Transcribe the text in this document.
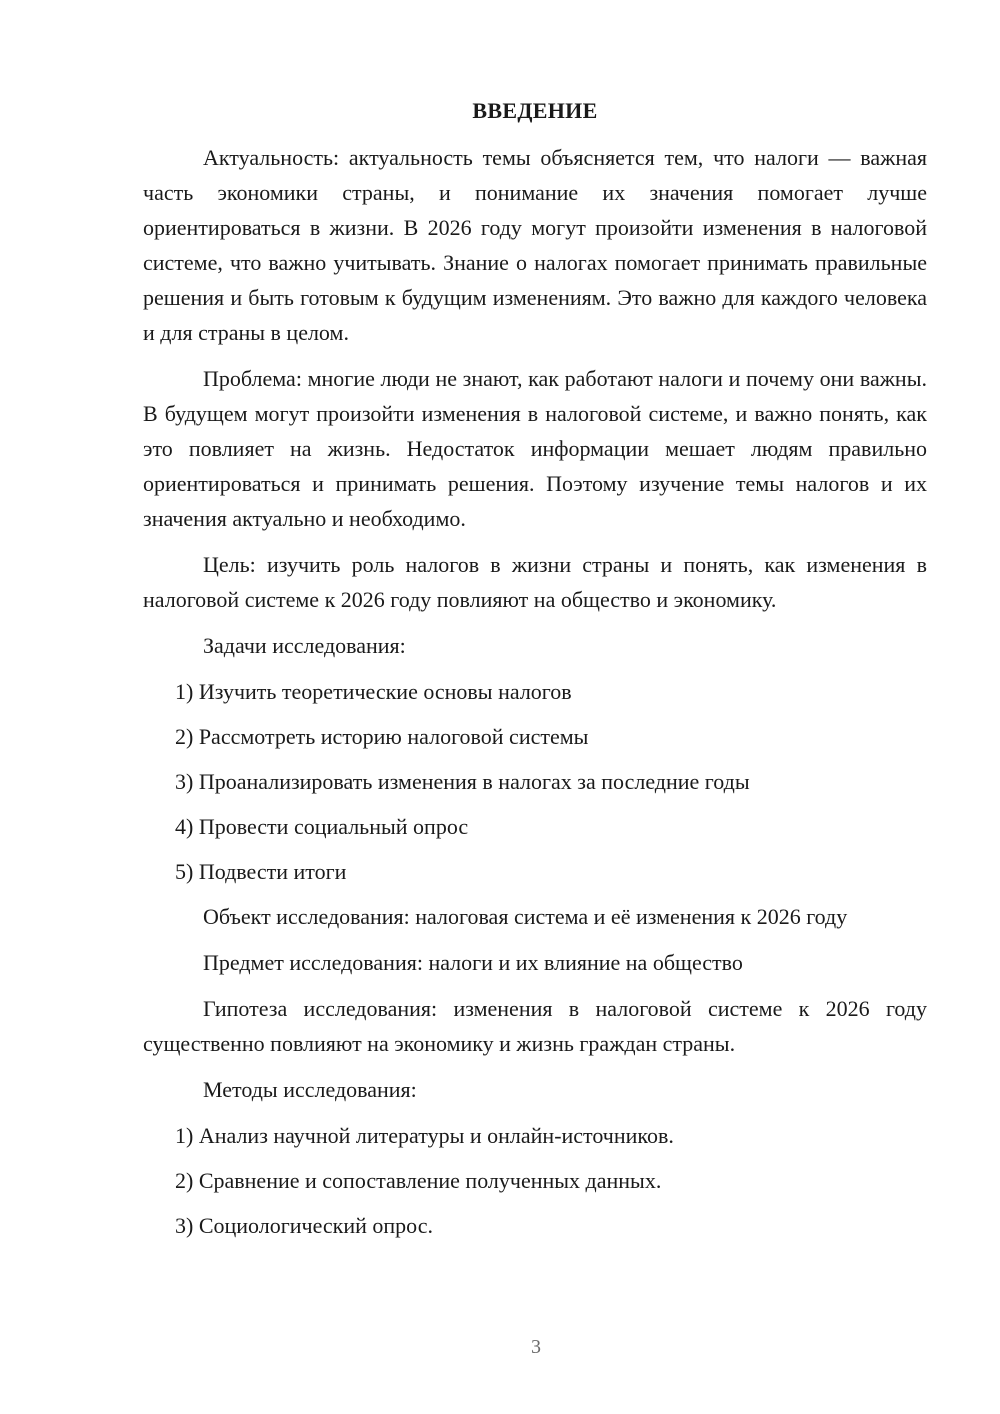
ВВЕДЕНИЕ

Актуальность: актуальность темы объясняется тем, что налоги — важная часть экономики страны, и понимание их значения помогает лучше ориентироваться в жизни. В 2026 году могут произойти изменения в налоговой системе, что важно учитывать. Знание о налогах помогает принимать правильные решения и быть готовым к будущим изменениям. Это важно для каждого человека и для страны в целом.

Проблема: многие люди не знают, как работают налоги и почему они важны. В будущем могут произойти изменения в налоговой системе, и важно понять, как это повлияет на жизнь. Недостаток информации мешает людям правильно ориентироваться и принимать решения. Поэтому изучение темы налогов и их значения актуально и необходимо.

Цель: изучить роль налогов в жизни страны и понять, как изменения в налоговой системе к 2026 году повлияют на общество и экономику.

Задачи исследования:

1) Изучить теоретические основы налогов
2) Рассмотреть историю налоговой системы
3) Проанализировать изменения в налогах за последние годы
4) Провести социальный опрос
5) Подвести итоги

Объект исследования: налоговая система и её изменения к 2026 году

Предмет исследования: налоги и их влияние на общество

Гипотеза исследования: изменения в налоговой системе к 2026 году существенно повлияют на экономику и жизнь граждан страны.

Методы исследования:

1) Анализ научной литературы и онлайн-источников.
2) Сравнение и сопоставление полученных данных.
3) Социологический опрос.
3
